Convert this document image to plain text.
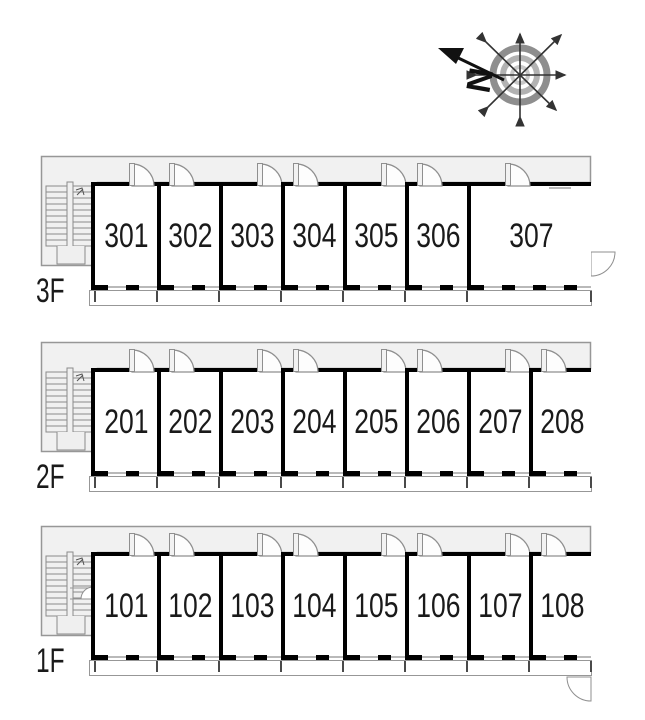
N
301 302 303 304 305 306 307
3F
201 202 203 204 205 206 207 208
2F
101 102 103 104 105 106 107 108
1F
